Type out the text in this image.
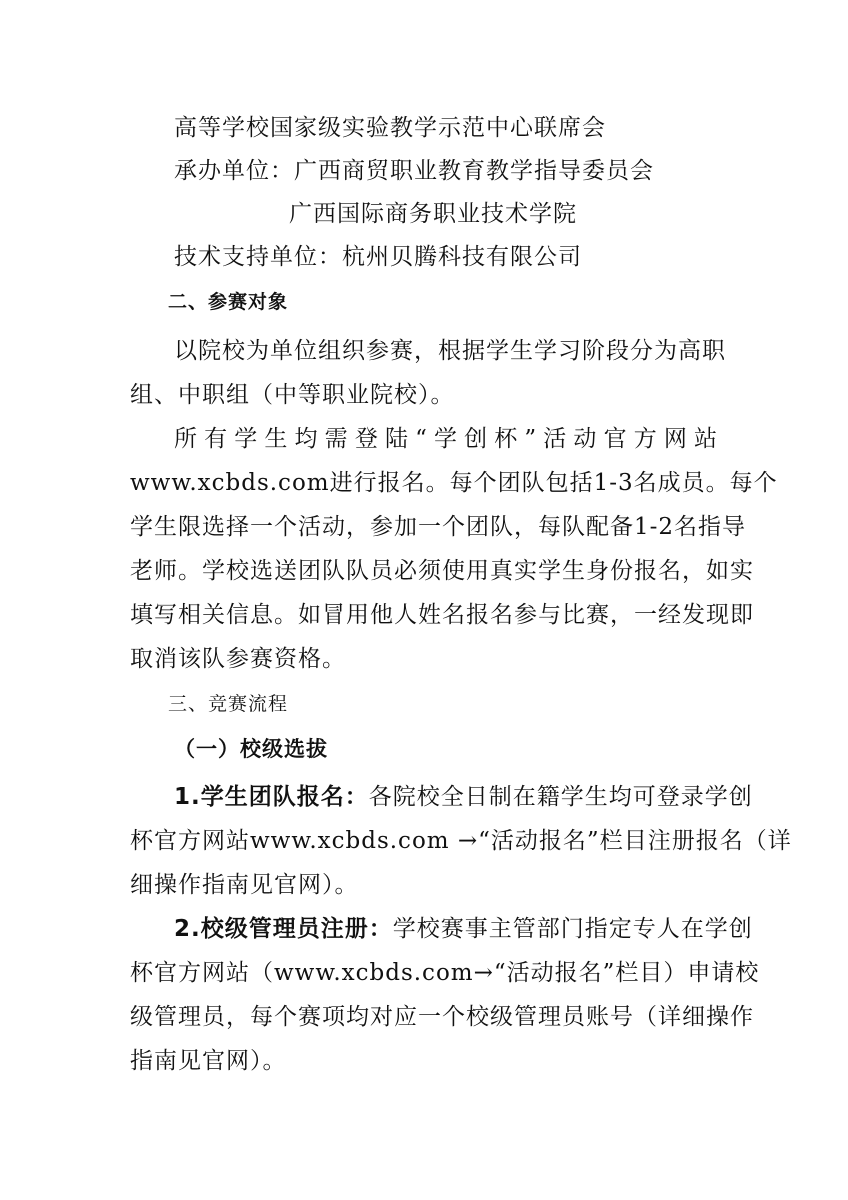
高等学校国家级实验教学示范中心联席会
承办单位：广西商贸职业教育教学指导委员会
广西国际商务职业技术学院
技术支持单位：杭州贝腾科技有限公司
二、参赛对象
以院校为单位组织参赛，根据学生学习阶段分为高职
组、中职组（中等职业院校）。
所有学生均需登陆“学创杯”活动官方网站
www.xcbds.com进行报名。每个团队包括1-3名成员。每个
学生限选择一个活动，参加一个团队，每队配备1-2名指导
老师。学校选送团队队员必须使用真实学生身份报名，如实
填写相关信息。如冒用他人姓名报名参与比赛，一经发现即
取消该队参赛资格。
三、竞赛流程
（一）校级选拔
1.学生团队报名： 各院校全日制在籍学生均可登录学创
杯官方网站www.xcbds.com →“活动报名”栏目注册报名（详
细操作指南见官网）。
2.校级管理员注册： 学校赛事主管部门指定专人在学创
杯官方网站（www.xcbds.com→“活动报名”栏目）申请校
级管理员，每个赛项均对应一个校级管理员账号（详细操作
指南见官网）。
